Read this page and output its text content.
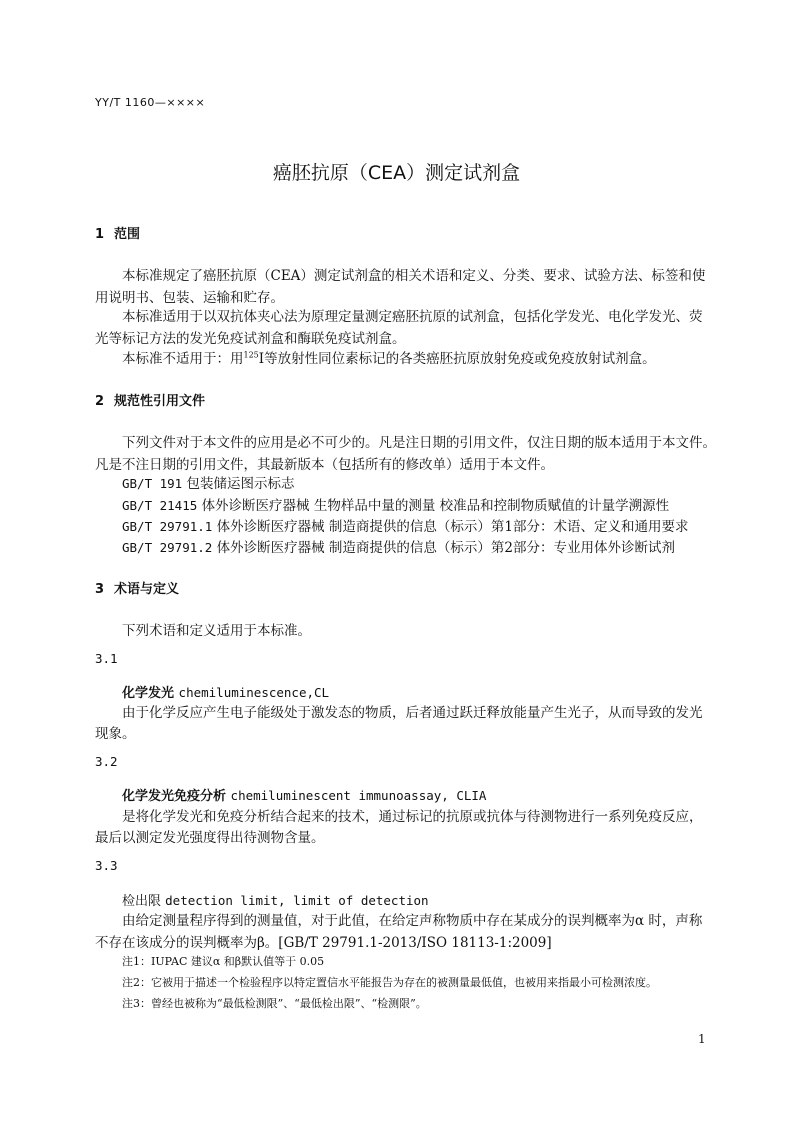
YY/T 1160—××××
癌胚抗原（CEA）测定试剂盒
1 范围
本标准规定了癌胚抗原（CEA）测定试剂盒的相关术语和定义、分类、要求、试验方法、标签和使
用说明书、包装、运输和贮存。
本标准适用于以双抗体夹心法为原理定量测定癌胚抗原的试剂盒，包括化学发光、电化学发光、荧
光等标记方法的发光免疫试剂盒和酶联免疫试剂盒。
本标准不适用于：用$^{125}$I等放射性同位素标记的各类癌胚抗原放射免疫或免疫放射试剂盒。
2 规范性引用文件
下列文件对于本文件的应用是必不可少的。凡是注日期的引用文件，仅注日期的版本适用于本文件。
凡是不注日期的引用文件，其最新版本（包括所有的修改单）适用于本文件。
GB/T 191 包装储运图示标志
GB/T 21415 体外诊断医疗器械 生物样品中量的测量 校准品和控制物质赋值的计量学溯源性
GB/T 29791.1 体外诊断医疗器械 制造商提供的信息（标示）第1部分：术语、定义和通用要求
GB/T 29791.2 体外诊断医疗器械 制造商提供的信息（标示）第2部分：专业用体外诊断试剂
3 术语与定义
下列术语和定义适用于本标准。
3.1
化学发光 chemiluminescence,CL
由于化学反应产生电子能级处于激发态的物质，后者通过跃迁释放能量产生光子，从而导致的发光
现象。
3.2
化学发光免疫分析 chemiluminescent immunoassay, CLIA
是将化学发光和免疫分析结合起来的技术，通过标记的抗原或抗体与待测物进行一系列免疫反应，
最后以测定发光强度得出待测物含量。
3.3
检出限 detection limit, limit of detection
由给定测量程序得到的测量值，对于此值，在给定声称物质中存在某成分的误判概率为α 时，声称
不存在该成分的误判概率为β。[GB/T 29791.1-2013/ISO 18113-1:2009]
注1：IUPAC 建议α 和β默认值等于 0.05
注2：它被用于描述一个检验程序以特定置信水平能报告为存在的被测量最低值，也被用来指最小可检测浓度。
注3：曾经也被称为“最低检测限”、“最低检出限”、“检测限”。
1
